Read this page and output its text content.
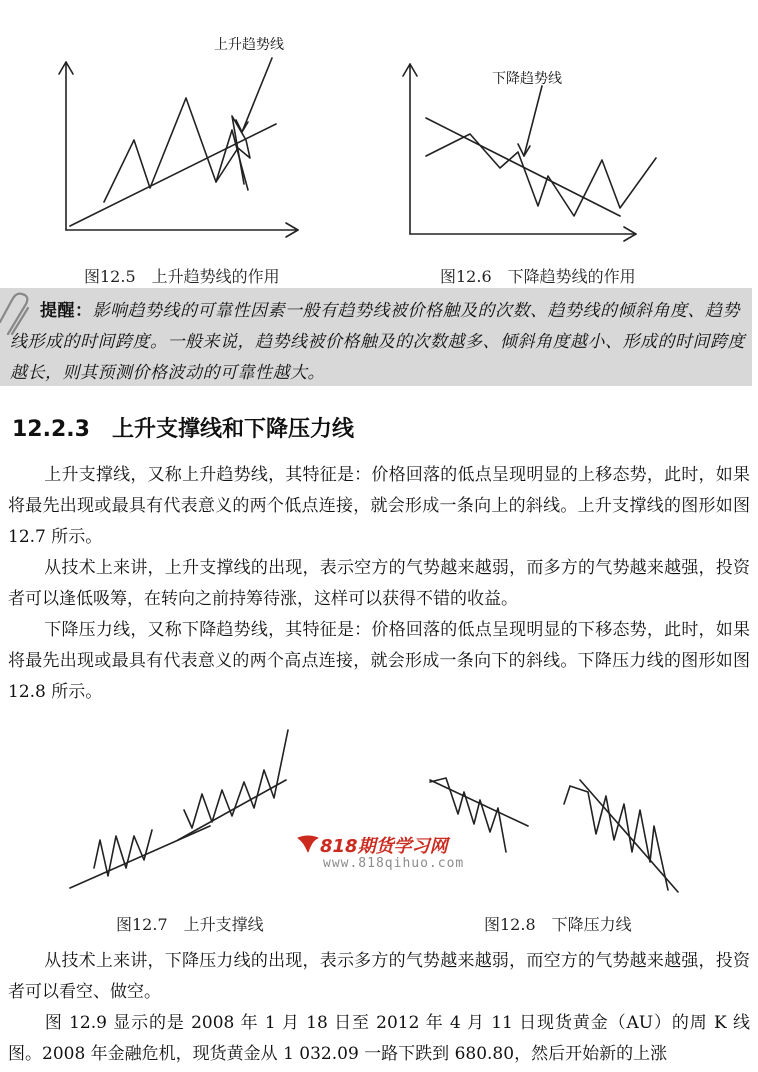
上升趋势线
图12.5　上升趋势线的作用
下降趋势线
图12.6　下降趋势线的作用
提醒：影响趋势线的可靠性因素一般有趋势线被价格触及的次数、趋势线的倾斜角度、趋势线形成的时间跨度。一般来说，趋势线被价格触及的次数越多、倾斜角度越小、形成的时间跨度越长，则其预测价格波动的可靠性越大。
12.2.3　上升支撑线和下降压力线
上升支撑线，又称上升趋势线，其特征是：价格回落的低点呈现明显的上移态势，此时，如果将最先出现或最具有代表意义的两个低点连接，就会形成一条向上的斜线。上升支撑线的图形如图 12.7 所示。
从技术上来讲，上升支撑线的出现，表示空方的气势越来越弱，而多方的气势越来越强，投资者可以逢低吸筹，在转向之前持筹待涨，这样可以获得不错的收益。
下降压力线，又称下降趋势线，其特征是：价格回落的低点呈现明显的下移态势，此时，如果将最先出现或最具有代表意义的两个高点连接，就会形成一条向下的斜线。下降压力线的图形如图 12.8 所示。
图12.7　上升支撑线	图12.8　下降压力线
818期货学习网
www.818qihuo.com
从技术上来讲，下降压力线的出现，表示多方的气势越来越弱，而空方的气势越来越强，投资者可以看空、做空。
图 12.9 显示的是 2008 年 1 月 18 日至 2012 年 4 月 11 日现货黄金（AU）的周 K 线图。2008 年金融危机，现货黄金从 1 032.09 一路下跌到 680.80，然后开始新的上涨
